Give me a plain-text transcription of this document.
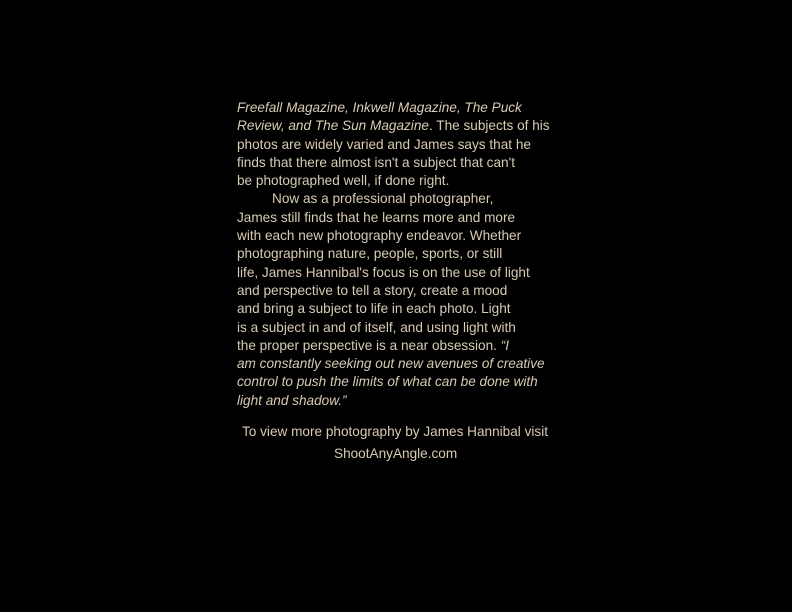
Freefall Magazine, Inkwell Magazine, The Puck
Review, and The Sun Magazine. The subjects of his
photos are widely varied and James says that he
finds that there almost isn't a subject that can't
be photographed well, if done right.
Now as a professional photographer,
James still finds that he learns more and more
with each new photography endeavor. Whether
photographing nature, people, sports, or still
life, James Hannibal's focus is on the use of light
and perspective to tell a story, create a mood
and bring a subject to life in each photo. Light
is a subject in and of itself, and using light with
the proper perspective is a near obsession. “I
am constantly seeking out new avenues of creative
control to push the limits of what can be done with
light and shadow.”
To view more photography by James Hannibal visit
ShootAnyAngle.com
